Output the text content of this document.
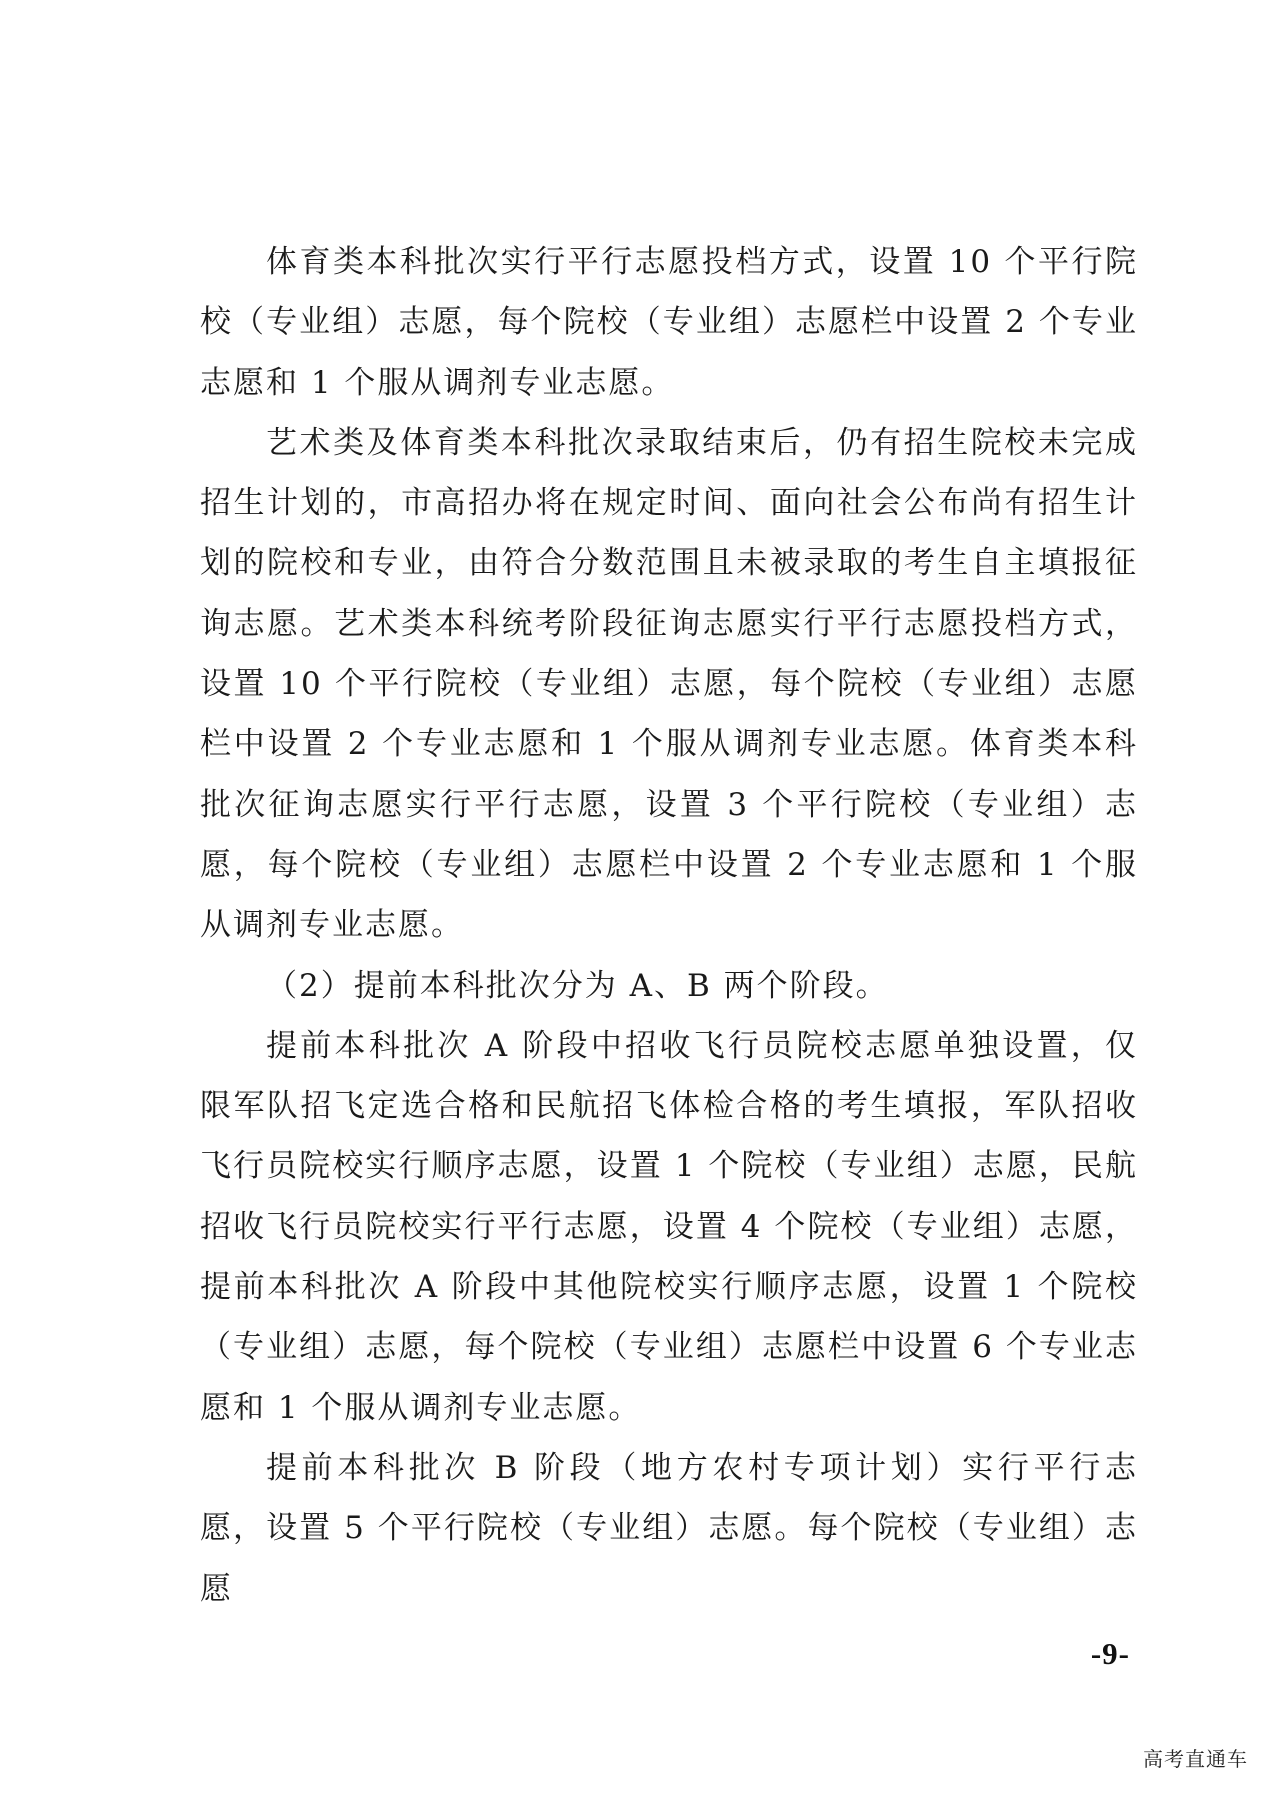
体育类本科批次实行平行志愿投档方式，设置 10 个平行院校（专业组）志愿，每个院校（专业组）志愿栏中设置 2 个专业志愿和 1 个服从调剂专业志愿。

艺术类及体育类本科批次录取结束后，仍有招生院校未完成招生计划的，市高招办将在规定时间、面向社会公布尚有招生计划的院校和专业，由符合分数范围且未被录取的考生自主填报征询志愿。艺术类本科统考阶段征询志愿实行平行志愿投档方式，设置 10 个平行院校（专业组）志愿，每个院校（专业组）志愿栏中设置 2 个专业志愿和 1 个服从调剂专业志愿。体育类本科批次征询志愿实行平行志愿，设置 3 个平行院校（专业组）志愿，每个院校（专业组）志愿栏中设置 2 个专业志愿和 1 个服从调剂专业志愿。

（2）提前本科批次分为 A、B 两个阶段。

提前本科批次 A 阶段中招收飞行员院校志愿单独设置，仅限军队招飞定选合格和民航招飞体检合格的考生填报，军队招收飞行员院校实行顺序志愿，设置 1 个院校（专业组）志愿，民航招收飞行员院校实行平行志愿，设置 4 个院校（专业组）志愿，提前本科批次 A 阶段中其他院校实行顺序志愿，设置 1 个院校（专业组）志愿，每个院校（专业组）志愿栏中设置 6 个专业志愿和 1 个服从调剂专业志愿。

提前本科批次 B 阶段（地方农村专项计划）实行平行志愿，设置 5 个平行院校（专业组）志愿。每个院校（专业组）志愿

-9-
高考直通车
